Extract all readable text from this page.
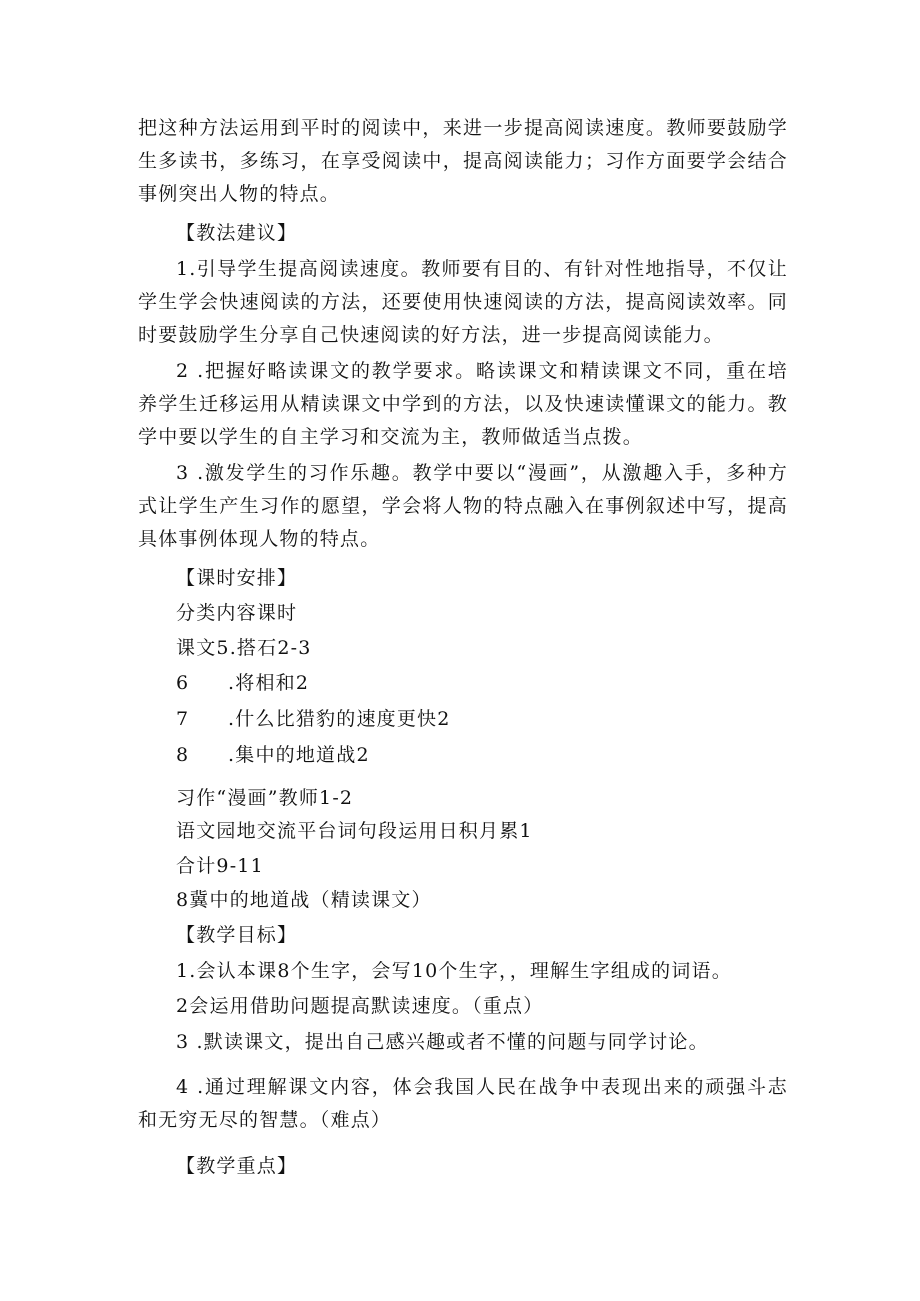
把这种方法运用到平时的阅读中，来进一步提高阅读速度。教师要鼓励学生多读书，多练习，在享受阅读中，提高阅读能力；习作方面要学会结合事例突出人物的特点。

【教法建议】

1.引导学生提高阅读速度。教师要有目的、有针对性地指导，不仅让学生学会快速阅读的方法，还要使用快速阅读的方法，提高阅读效率。同时要鼓励学生分享自己快速阅读的好方法，进一步提高阅读能力。

2 .把握好略读课文的教学要求。略读课文和精读课文不同，重在培养学生迁移运用从精读课文中学到的方法，以及快速读懂课文的能力。教学中要以学生的自主学习和交流为主，教师做适当点拨。

3 .激发学生的习作乐趣。教学中要以“漫画”，从激趣入手，多种方式让学生产生习作的愿望，学会将人物的特点融入在事例叙述中写，提高具体事例体现人物的特点。

【课时安排】
分类内容课时
课文5.搭石2-3
6 .将相和2
7 .什么比猎豹的速度更快2
8 .集中的地道战2
习作“漫画”教师1-2
语文园地交流平台词句段运用日积月累1
合计9-11
8冀中的地道战（精读课文）
【教学目标】
1.会认本课8个生字，会写10个生字，，理解生字组成的词语。
2会运用借助问题提高默读速度。（重点）
3 .默读课文，提出自己感兴趣或者不懂的问题与同学讨论。

4 .通过理解课文内容，体会我国人民在战争中表现出来的顽强斗志和无穷无尽的智慧。（难点）

【教学重点】
